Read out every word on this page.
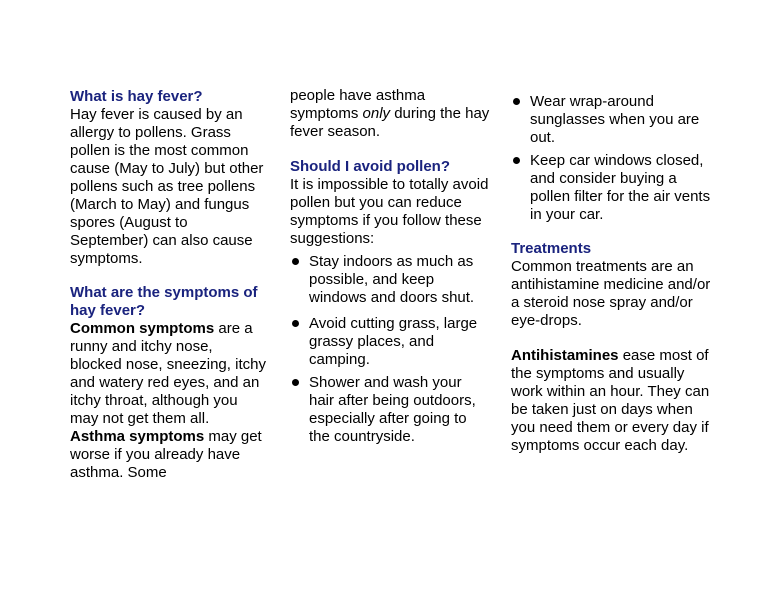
What is hay fever?
Hay fever is caused by an allergy to pollens. Grass pollen is the most common cause (May to July) but other pollens such as tree pollens (March to May) and fungus spores (August to September) can also cause symptoms.
What are the symptoms of hay fever?
Common symptoms are a runny and itchy nose, blocked nose, sneezing, itchy and watery red eyes, and an itchy throat, although you may not get them all.
Asthma symptoms may get worse if you already have asthma. Some
people have asthma symptoms only during the hay fever season.
Should I avoid pollen?
It is impossible to totally avoid pollen but you can reduce symptoms if you follow these suggestions:
Stay indoors as much as possible, and keep windows and doors shut.
Avoid cutting grass, large grassy places, and camping.
Shower and wash your hair after being outdoors, especially after going to the countryside.
Wear wrap-around sunglasses when you are out.
Keep car windows closed, and consider buying a pollen filter for the air vents in your car.
Treatments
Common treatments are an antihistamine medicine and/or a steroid nose spray and/or eye-drops.
Antihistamines ease most of the symptoms and usually work within an hour. They can be taken just on days when you need them or every day if symptoms occur each day.
